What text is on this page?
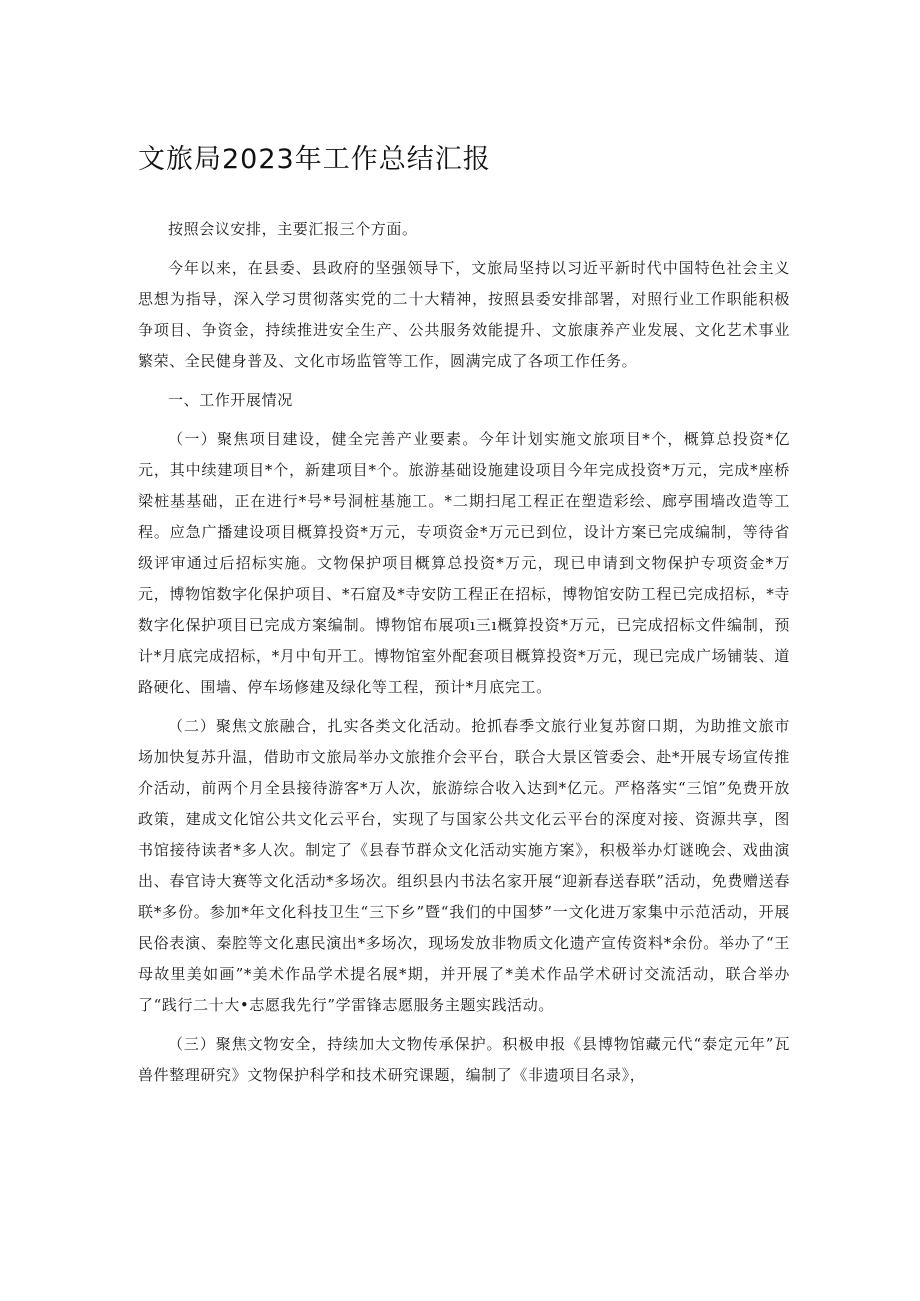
文旅局2023年工作总结汇报

按照会议安排，主要汇报三个方面。

今年以来，在县委、县政府的坚强领导下，文旅局坚持以习近平新时代中国特色社会主义思想为指导，深入学习贯彻落实党的二十大精神，按照县委安排部署，对照行业工作职能积极争项目、争资金，持续推进安全生产、公共服务效能提升、文旅康养产业发展、文化艺术事业繁荣、全民健身普及、文化市场监管等工作，圆满完成了各项工作任务。

一、工作开展情况

（一）聚焦项目建设，健全完善产业要素。今年计划实施文旅项目*个，概算总投资*亿元，其中续建项目*个，新建项目*个。旅游基础设施建设项目今年完成投资*万元，完成*座桥梁桩基基础，正在进行*号*号洞桩基施工。*二期扫尾工程正在塑造彩绘、廊亭围墙改造等工程。应急广播建设项目概算投资*万元，专项资金*万元已到位，设计方案已完成编制，等待省级评审通过后招标实施。文物保护项目概算总投资*万元，现已申请到文物保护专项资金*万元，博物馆数字化保护项目、*石窟及*寺安防工程正在招标，博物馆安防工程已完成招标，*寺数字化保护项目已完成方案编制。博物馆布展项ı三ı概算投资*万元，已完成招标文件编制，预计*月底完成招标，*月中旬开工。博物馆室外配套项目概算投资*万元，现已完成广场铺装、道路硬化、围墙、停车场修建及绿化等工程，预计*月底完工。

（二）聚焦文旅融合，扎实各类文化活动。抢抓春季文旅行业复苏窗口期，为助推文旅市场加快复苏升温，借助市文旅局举办文旅推介会平台，联合大景区管委会、赴*开展专场宣传推介活动，前两个月全县接待游客*万人次，旅游综合收入达到*亿元。严格落实“三馆”免费开放政策，建成文化馆公共文化云平台，实现了与国家公共文化云平台的深度对接、资源共享，图书馆接待读者*多人次。制定了《县春节群众文化活动实施方案》，积极举办灯谜晚会、戏曲演出、春官诗大赛等文化活动*多场次。组织县内书法名家开展“迎新春送春联”活动，免费赠送春联*多份。参加*年文化科技卫生“三下乡”暨“我们的中国梦”一文化进万家集中示范活动，开展民俗表演、秦腔等文化惠民演出*多场次，现场发放非物质文化遗产宣传资料*余份。举办了“王母故里美如画”*美术作品学术提名展*期，并开展了*美术作品学术研讨交流活动，联合举办了“践行二十大•志愿我先行”学雷锋志愿服务主题实践活动。

（三）聚焦文物安全，持续加大文物传承保护。积极申报《县博物馆藏元代“泰定元年”瓦兽件整理研究》文物保护科学和技术研究课题，编制了《非遗项目名录》，
